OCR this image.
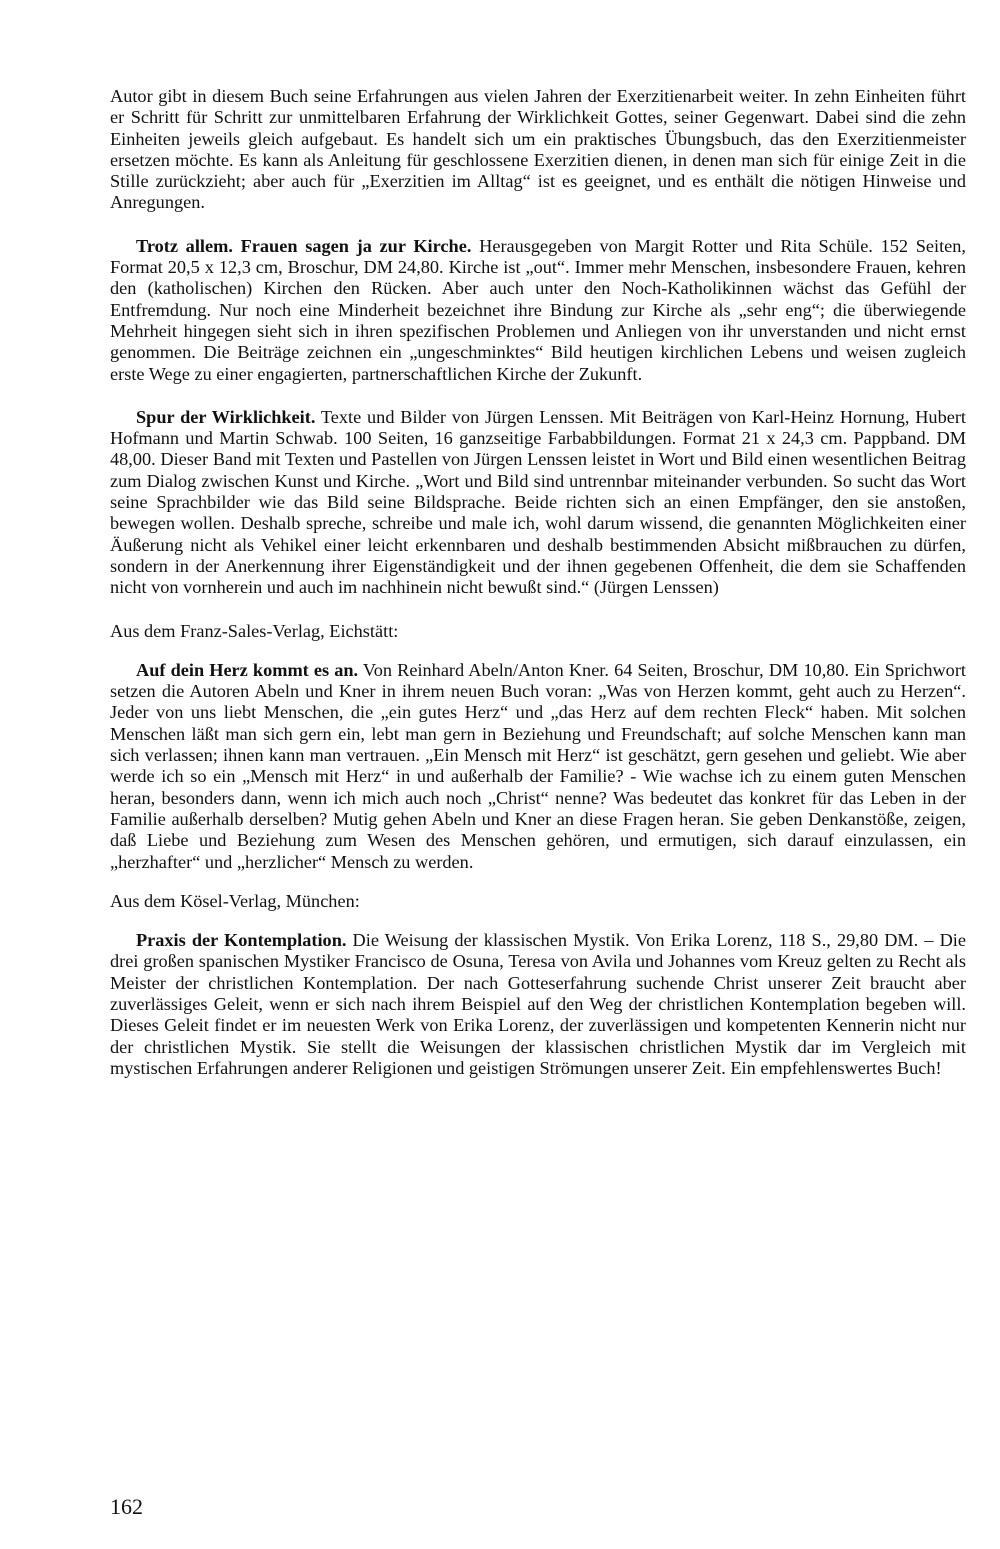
Autor gibt in diesem Buch seine Erfahrungen aus vielen Jahren der Exerzitienarbeit weiter. In zehn Einheiten führt er Schritt für Schritt zur unmittelbaren Erfahrung der Wirklichkeit Gottes, seiner Gegenwart. Dabei sind die zehn Einheiten jeweils gleich aufgebaut. Es handelt sich um ein praktisches Übungsbuch, das den Exerzitienmeister ersetzen möchte. Es kann als Anleitung für geschlossene Exerzitien dienen, in denen man sich für einige Zeit in die Stille zurückzieht; aber auch für „Exerzitien im Alltag“ ist es geeignet, und es enthält die nötigen Hinweise und Anregungen.

Trotz allem. Frauen sagen ja zur Kirche. Herausgegeben von Margit Rotter und Rita Schüle. 152 Seiten, Format 20,5 x 12,3 cm, Broschur, DM 24,80. Kirche ist „out“. Immer mehr Menschen, insbesondere Frauen, kehren den (katholischen) Kirchen den Rücken. Aber auch unter den Noch-Katholikinnen wächst das Gefühl der Entfremdung. Nur noch eine Minderheit bezeichnet ihre Bindung zur Kirche als „sehr eng“; die überwiegende Mehrheit hingegen sieht sich in ihren spezifischen Problemen und Anliegen von ihr unverstanden und nicht ernst genommen. Die Beiträge zeichnen ein „ungeschminktes“ Bild heutigen kirchlichen Lebens und weisen zugleich erste Wege zu einer engagierten, partnerschaftlichen Kirche der Zukunft.

Spur der Wirklichkeit. Texte und Bilder von Jürgen Lenssen. Mit Beiträgen von Karl-Heinz Hornung, Hubert Hofmann und Martin Schwab. 100 Seiten, 16 ganzseitige Farbabbildungen. Format 21 x 24,3 cm. Pappband. DM 48,00. Dieser Band mit Texten und Pastellen von Jürgen Lenssen leistet in Wort und Bild einen wesentlichen Beitrag zum Dialog zwischen Kunst und Kirche. „Wort und Bild sind untrennbar miteinander verbunden. So sucht das Wort seine Sprachbilder wie das Bild seine Bildsprache. Beide richten sich an einen Empfänger, den sie anstoßen, bewegen wollen. Deshalb spreche, schreibe und male ich, wohl darum wissend, die genannten Möglichkeiten einer Äußerung nicht als Vehikel einer leicht erkennbaren und deshalb bestimmenden Absicht mißbrauchen zu dürfen, sondern in der Anerkennung ihrer Eigenständigkeit und der ihnen gegebenen Offenheit, die dem sie Schaffenden nicht von vornherein und auch im nachhinein nicht bewußt sind.“ (Jürgen Lenssen)

Aus dem Franz-Sales-Verlag, Eichstätt:

Auf dein Herz kommt es an. Von Reinhard Abeln/Anton Kner. 64 Seiten, Broschur, DM 10,80. Ein Sprichwort setzen die Autoren Abeln und Kner in ihrem neuen Buch voran: „Was von Herzen kommt, geht auch zu Herzen“. Jeder von uns liebt Menschen, die „ein gutes Herz“ und „das Herz auf dem rechten Fleck“ haben. Mit solchen Menschen läßt man sich gern ein, lebt man gern in Beziehung und Freundschaft; auf solche Menschen kann man sich verlassen; ihnen kann man vertrauen. „Ein Mensch mit Herz“ ist geschätzt, gern gesehen und geliebt. Wie aber werde ich so ein „Mensch mit Herz“ in und außerhalb der Familie? - Wie wachse ich zu einem guten Menschen heran, besonders dann, wenn ich mich auch noch „Christ“ nenne? Was bedeutet das konkret für das Leben in der Familie außerhalb derselben? Mutig gehen Abeln und Kner an diese Fragen heran. Sie geben Denkanstöße, zeigen, daß Liebe und Beziehung zum Wesen des Menschen gehören, und ermutigen, sich darauf einzulassen, ein „herzhafter“ und „herzlicher“ Mensch zu werden.

Aus dem Kösel-Verlag, München:

Praxis der Kontemplation. Die Weisung der klassischen Mystik. Von Erika Lorenz, 118 S., 29,80 DM. – Die drei großen spanischen Mystiker Francisco de Osuna, Teresa von Avila und Johannes vom Kreuz gelten zu Recht als Meister der christlichen Kontemplation. Der nach Gotteserfahrung suchende Christ unserer Zeit braucht aber zuverlässiges Geleit, wenn er sich nach ihrem Beispiel auf den Weg der christlichen Kontemplation begeben will. Dieses Geleit findet er im neuesten Werk von Erika Lorenz, der zuverlässigen und kompetenten Kennerin nicht nur der christlichen Mystik. Sie stellt die Weisungen der klassischen christlichen Mystik dar im Vergleich mit mystischen Erfahrungen anderer Religionen und geistigen Strömungen unserer Zeit. Ein empfehlenswertes Buch!

162
